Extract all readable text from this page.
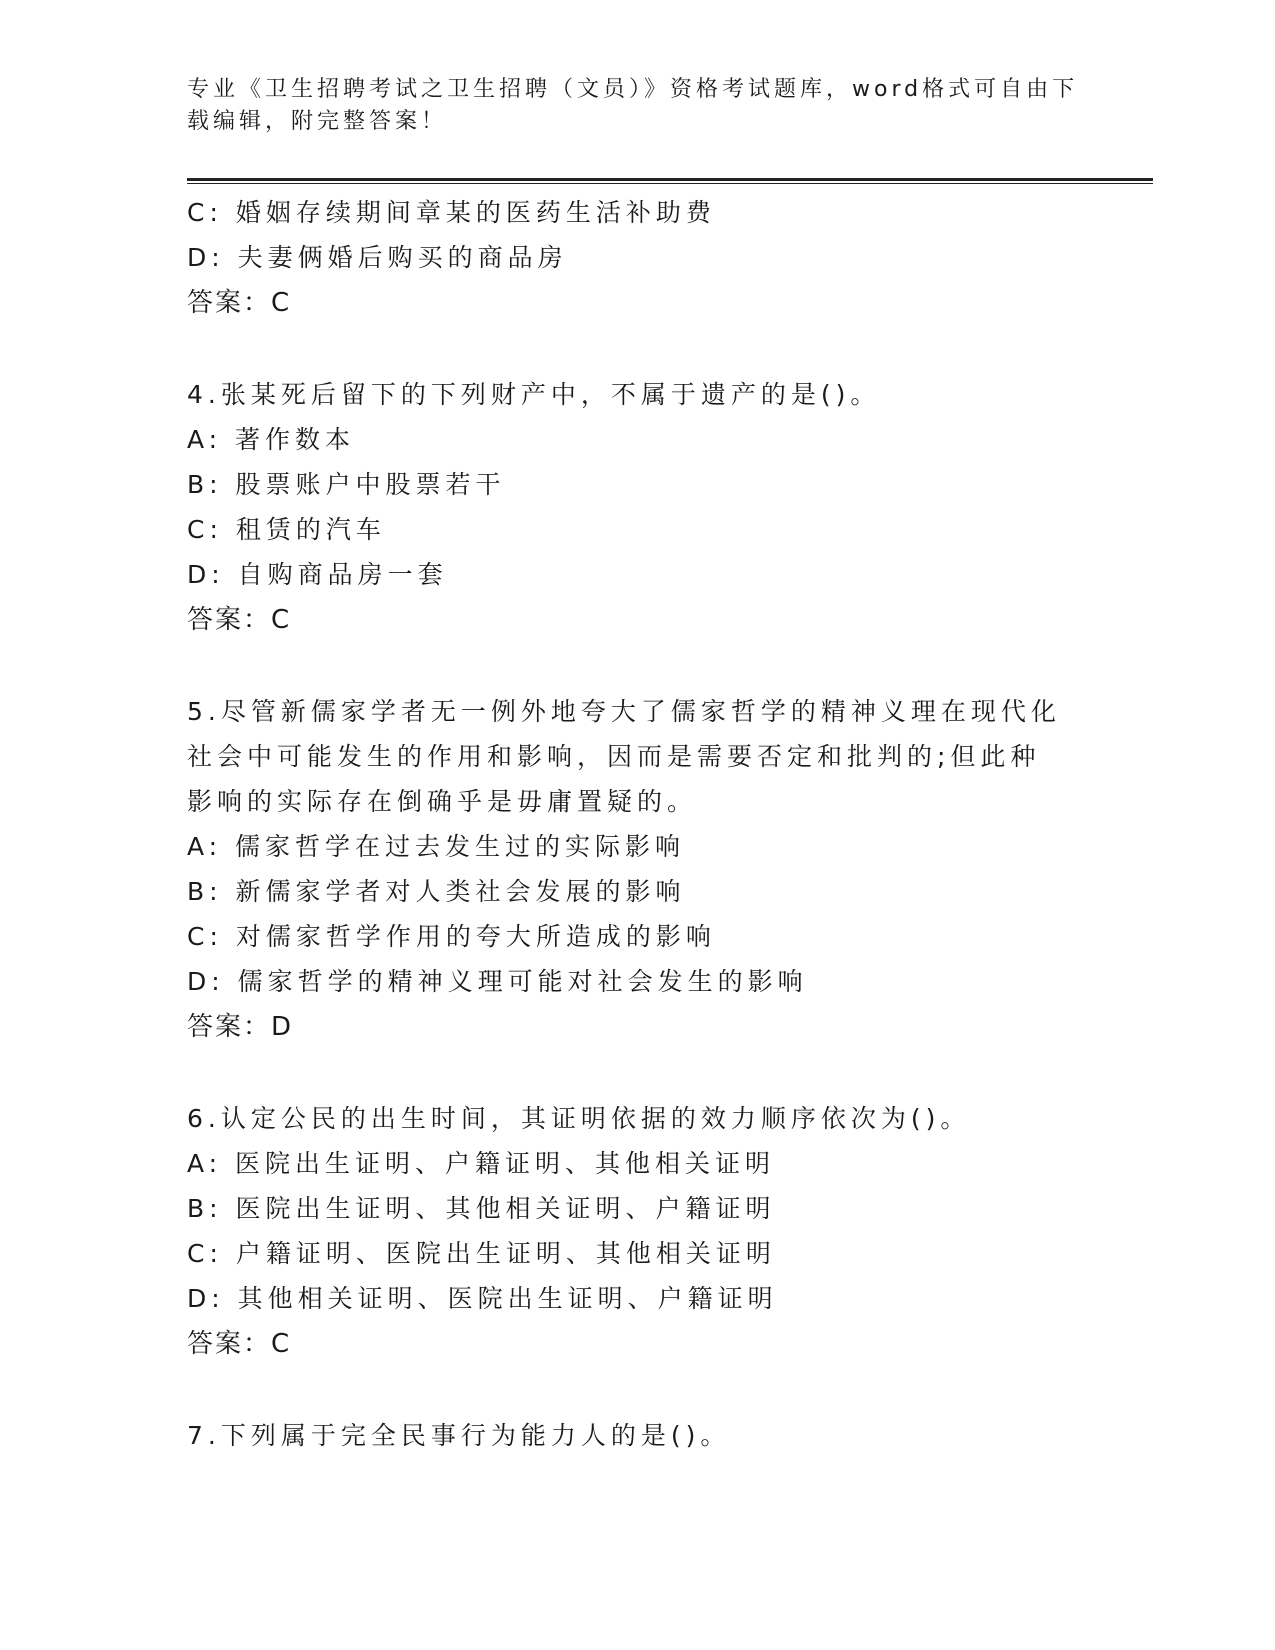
专业《卫生招聘考试之卫生招聘（文员）》资格考试题库，word格式可自由下载编辑，附完整答案！
C: 婚姻存续期间章某的医药生活补助费
D: 夫妻俩婚后购买的商品房
答案：C
4.张某死后留下的下列财产中，不属于遗产的是()。
A: 著作数本
B: 股票账户中股票若干
C: 租赁的汽车
D: 自购商品房一套
答案：C
5.尽管新儒家学者无一例外地夸大了儒家哲学的精神义理在现代化社会中可能发生的作用和影响，因而是需要否定和批判的;但此种影响的实际存在倒确乎是毋庸置疑的。
A: 儒家哲学在过去发生过的实际影响
B: 新儒家学者对人类社会发展的影响
C: 对儒家哲学作用的夸大所造成的影响
D: 儒家哲学的精神义理可能对社会发生的影响
答案：D
6.认定公民的出生时间，其证明依据的效力顺序依次为()。
A: 医院出生证明、户籍证明、其他相关证明
B: 医院出生证明、其他相关证明、户籍证明
C: 户籍证明、医院出生证明、其他相关证明
D: 其他相关证明、医院出生证明、户籍证明
答案：C
7.下列属于完全民事行为能力人的是()。
